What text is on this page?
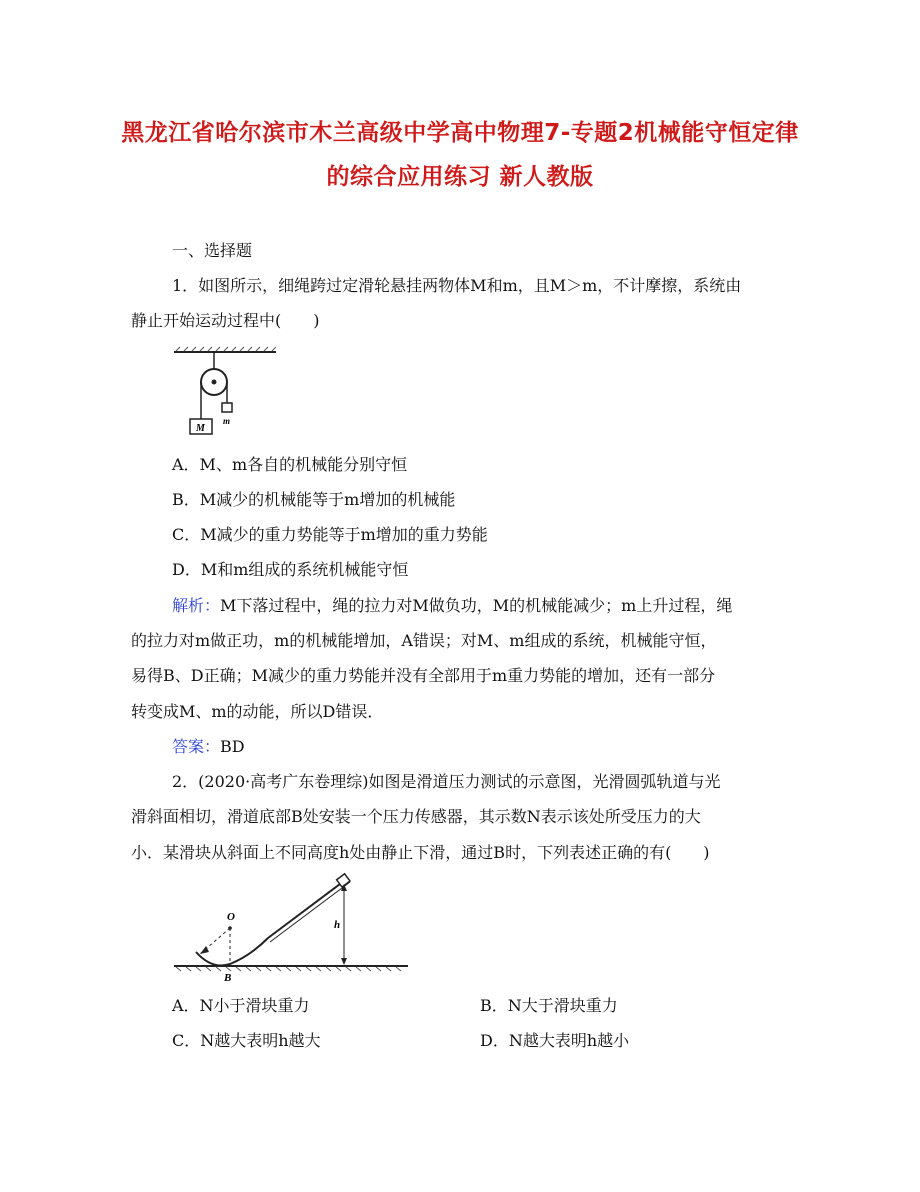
黑龙江省哈尔滨市木兰高级中学高中物理7-专题2机械能守恒定律
的综合应用练习 新人教版
一、选择题
1．如图所示，细绳跨过定滑轮悬挂两物体M和m，且M＞m，不计摩擦，系统由
静止开始运动过程中(　　)
M
m
A．M、m各自的机械能分别守恒
B．M减少的机械能等于m增加的机械能
C．M减少的重力势能等于m增加的重力势能
D．M和m组成的系统机械能守恒
解析：M下落过程中，绳的拉力对M做负功，M的机械能减少；m上升过程，绳
的拉力对m做正功，m的机械能增加，A错误；对M、m组成的系统，机械能守恒，
易得B、D正确；M减少的重力势能并没有全部用于m重力势能的增加，还有一部分
转变成M、m的动能，所以D错误．
答案：BD
2．(2020·高考广东卷理综)如图是滑道压力测试的示意图，光滑圆弧轨道与光
滑斜面相切，滑道底部B处安装一个压力传感器，其示数N表示该处所受压力的大
小．某滑块从斜面上不同高度h处由静止下滑，通过B时，下列表述正确的有(　　)
O
B
h
A．N小于滑块重力	B．N大于滑块重力
C．N越大表明h越大	D．N越大表明h越小
